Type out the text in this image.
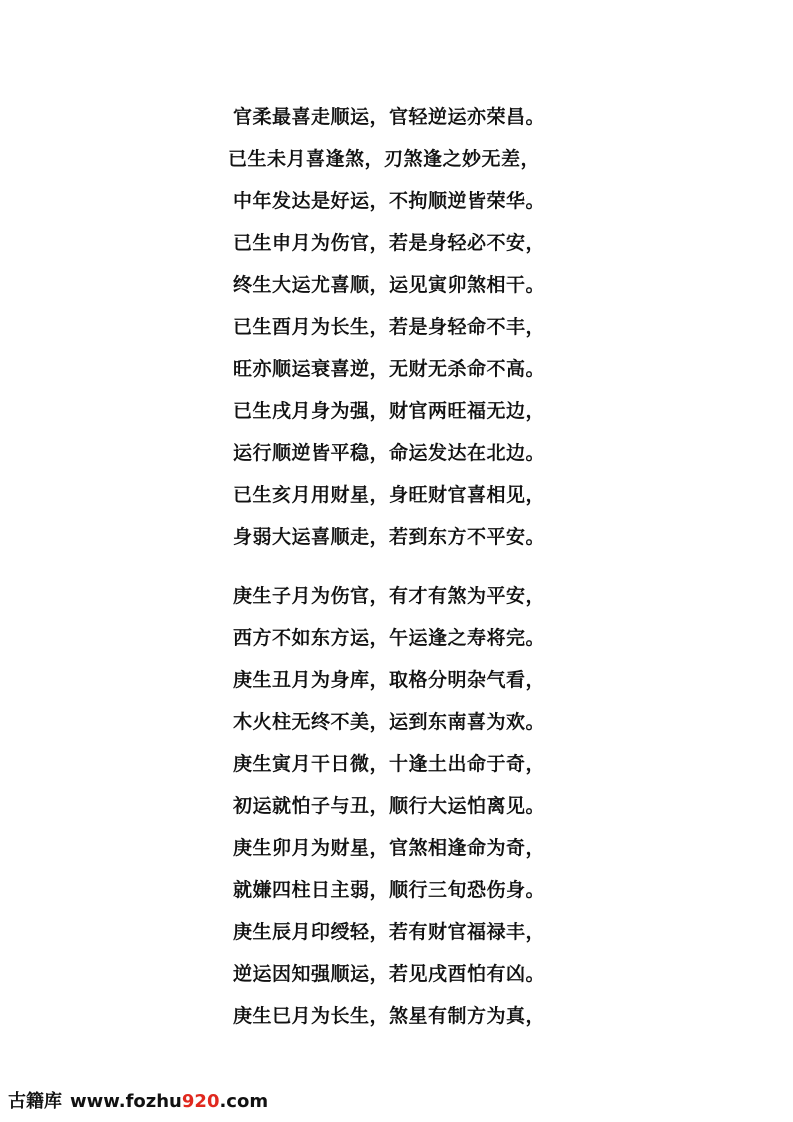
官柔最喜走顺运，官轻逆运亦荣昌。
已生未月喜逢煞，刃煞逢之妙无差，
中年发达是好运，不拘顺逆皆荣华。
已生申月为伤官，若是身轻必不安，
终生大运尤喜顺，运见寅卯煞相干。
已生酉月为长生，若是身轻命不丰，
旺亦顺运衰喜逆，无财无杀命不高。
已生戌月身为强，财官两旺福无边，
运行顺逆皆平稳，命运发达在北边。
已生亥月用财星，身旺财官喜相见，
身弱大运喜顺走，若到东方不平安。
庚生子月为伤官，有才有煞为平安，
西方不如东方运，午运逢之寿将完。
庚生丑月为身库，取格分明杂气看，
木火柱无终不美，运到东南喜为欢。
庚生寅月干日微，十逢土出命于奇，
初运就怕子与丑，顺行大运怕离见。
庚生卯月为财星，官煞相逢命为奇，
就嫌四柱日主弱，顺行三旬恐伤身。
庚生辰月印绶轻，若有财官福禄丰，
逆运因知强顺运，若见戌酉怕有凶。
庚生巳月为长生，煞星有制方为真，
古籍库 www.fozhu920.com
